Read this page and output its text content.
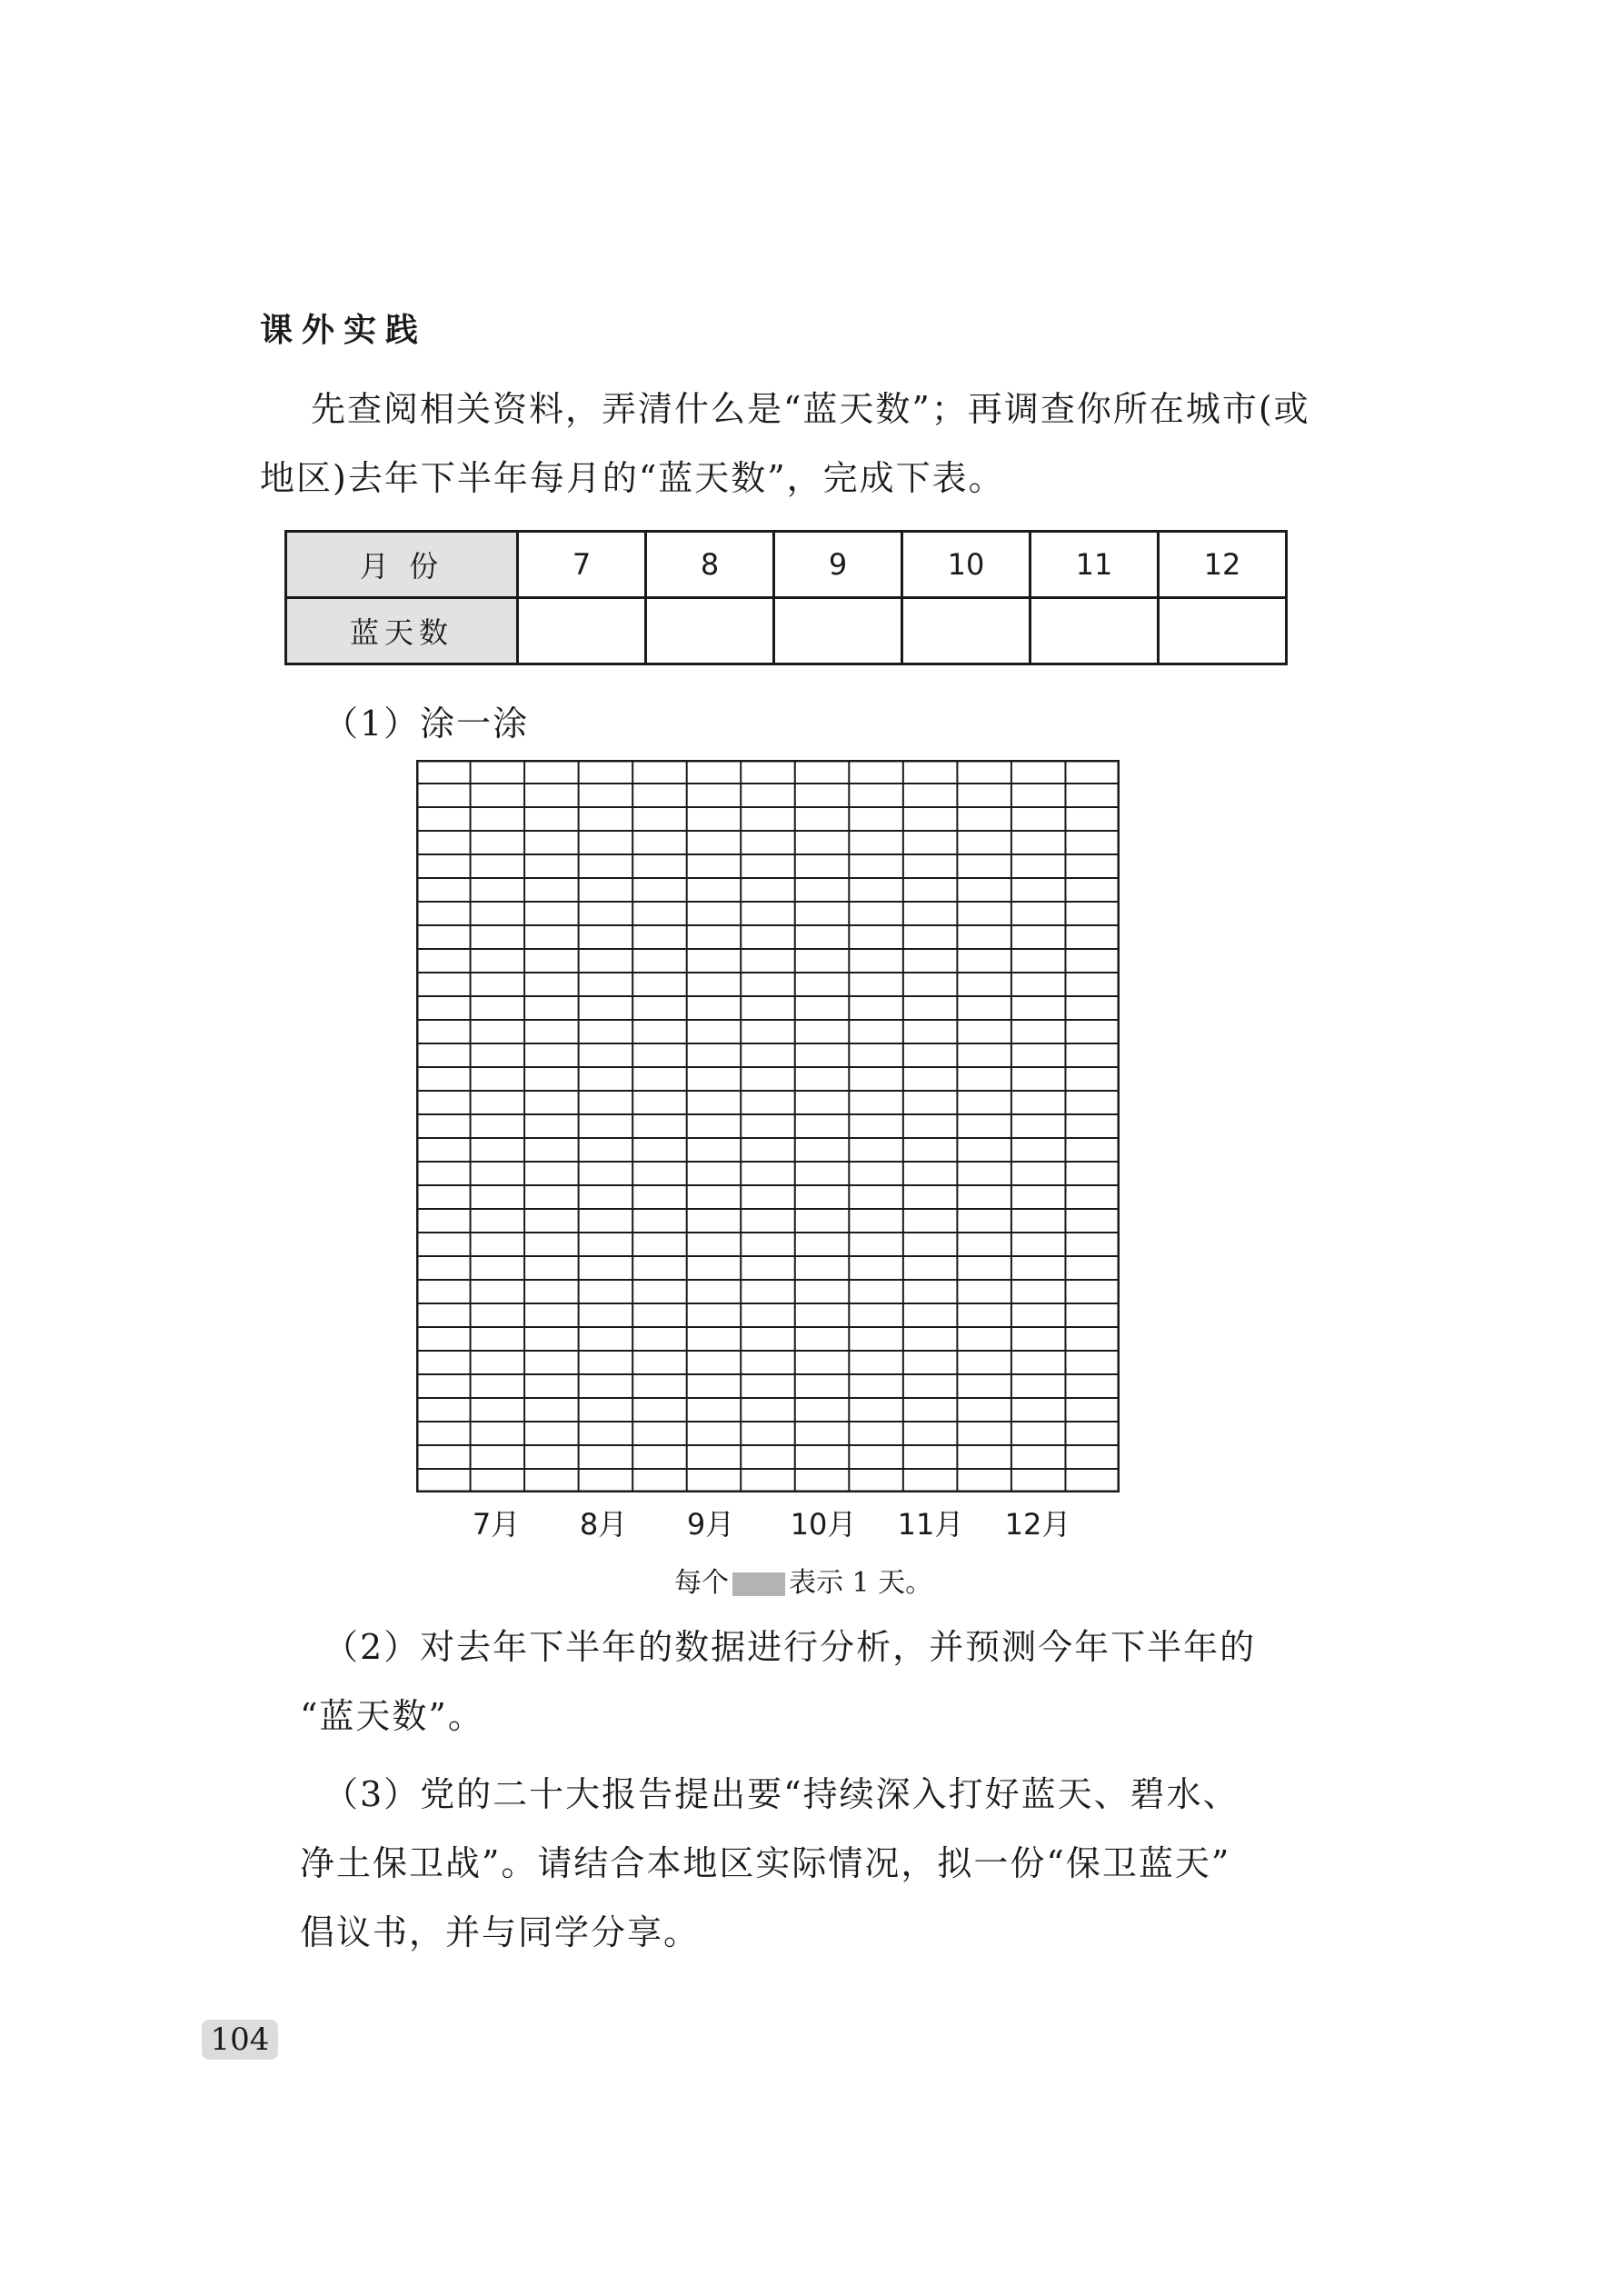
课外实践
先查阅相关资料，弄清什么是“蓝天数”；再调查你所在城市(或地区)去年下半年每月的“蓝天数”，完成下表。
月 份	7	8	9	10	11	12
蓝天数						
（1）涂一涂
7月 8月 9月 10月 11月 12月
每个 表示 1 天。
（2）对去年下半年的数据进行分析，并预测今年下半年的
“蓝天数”。
（3）党的二十大报告提出要“持续深入打好蓝天、碧水、
净土保卫战”。请结合本地区实际情况，拟一份“保卫蓝天”
倡议书，并与同学分享。
104
